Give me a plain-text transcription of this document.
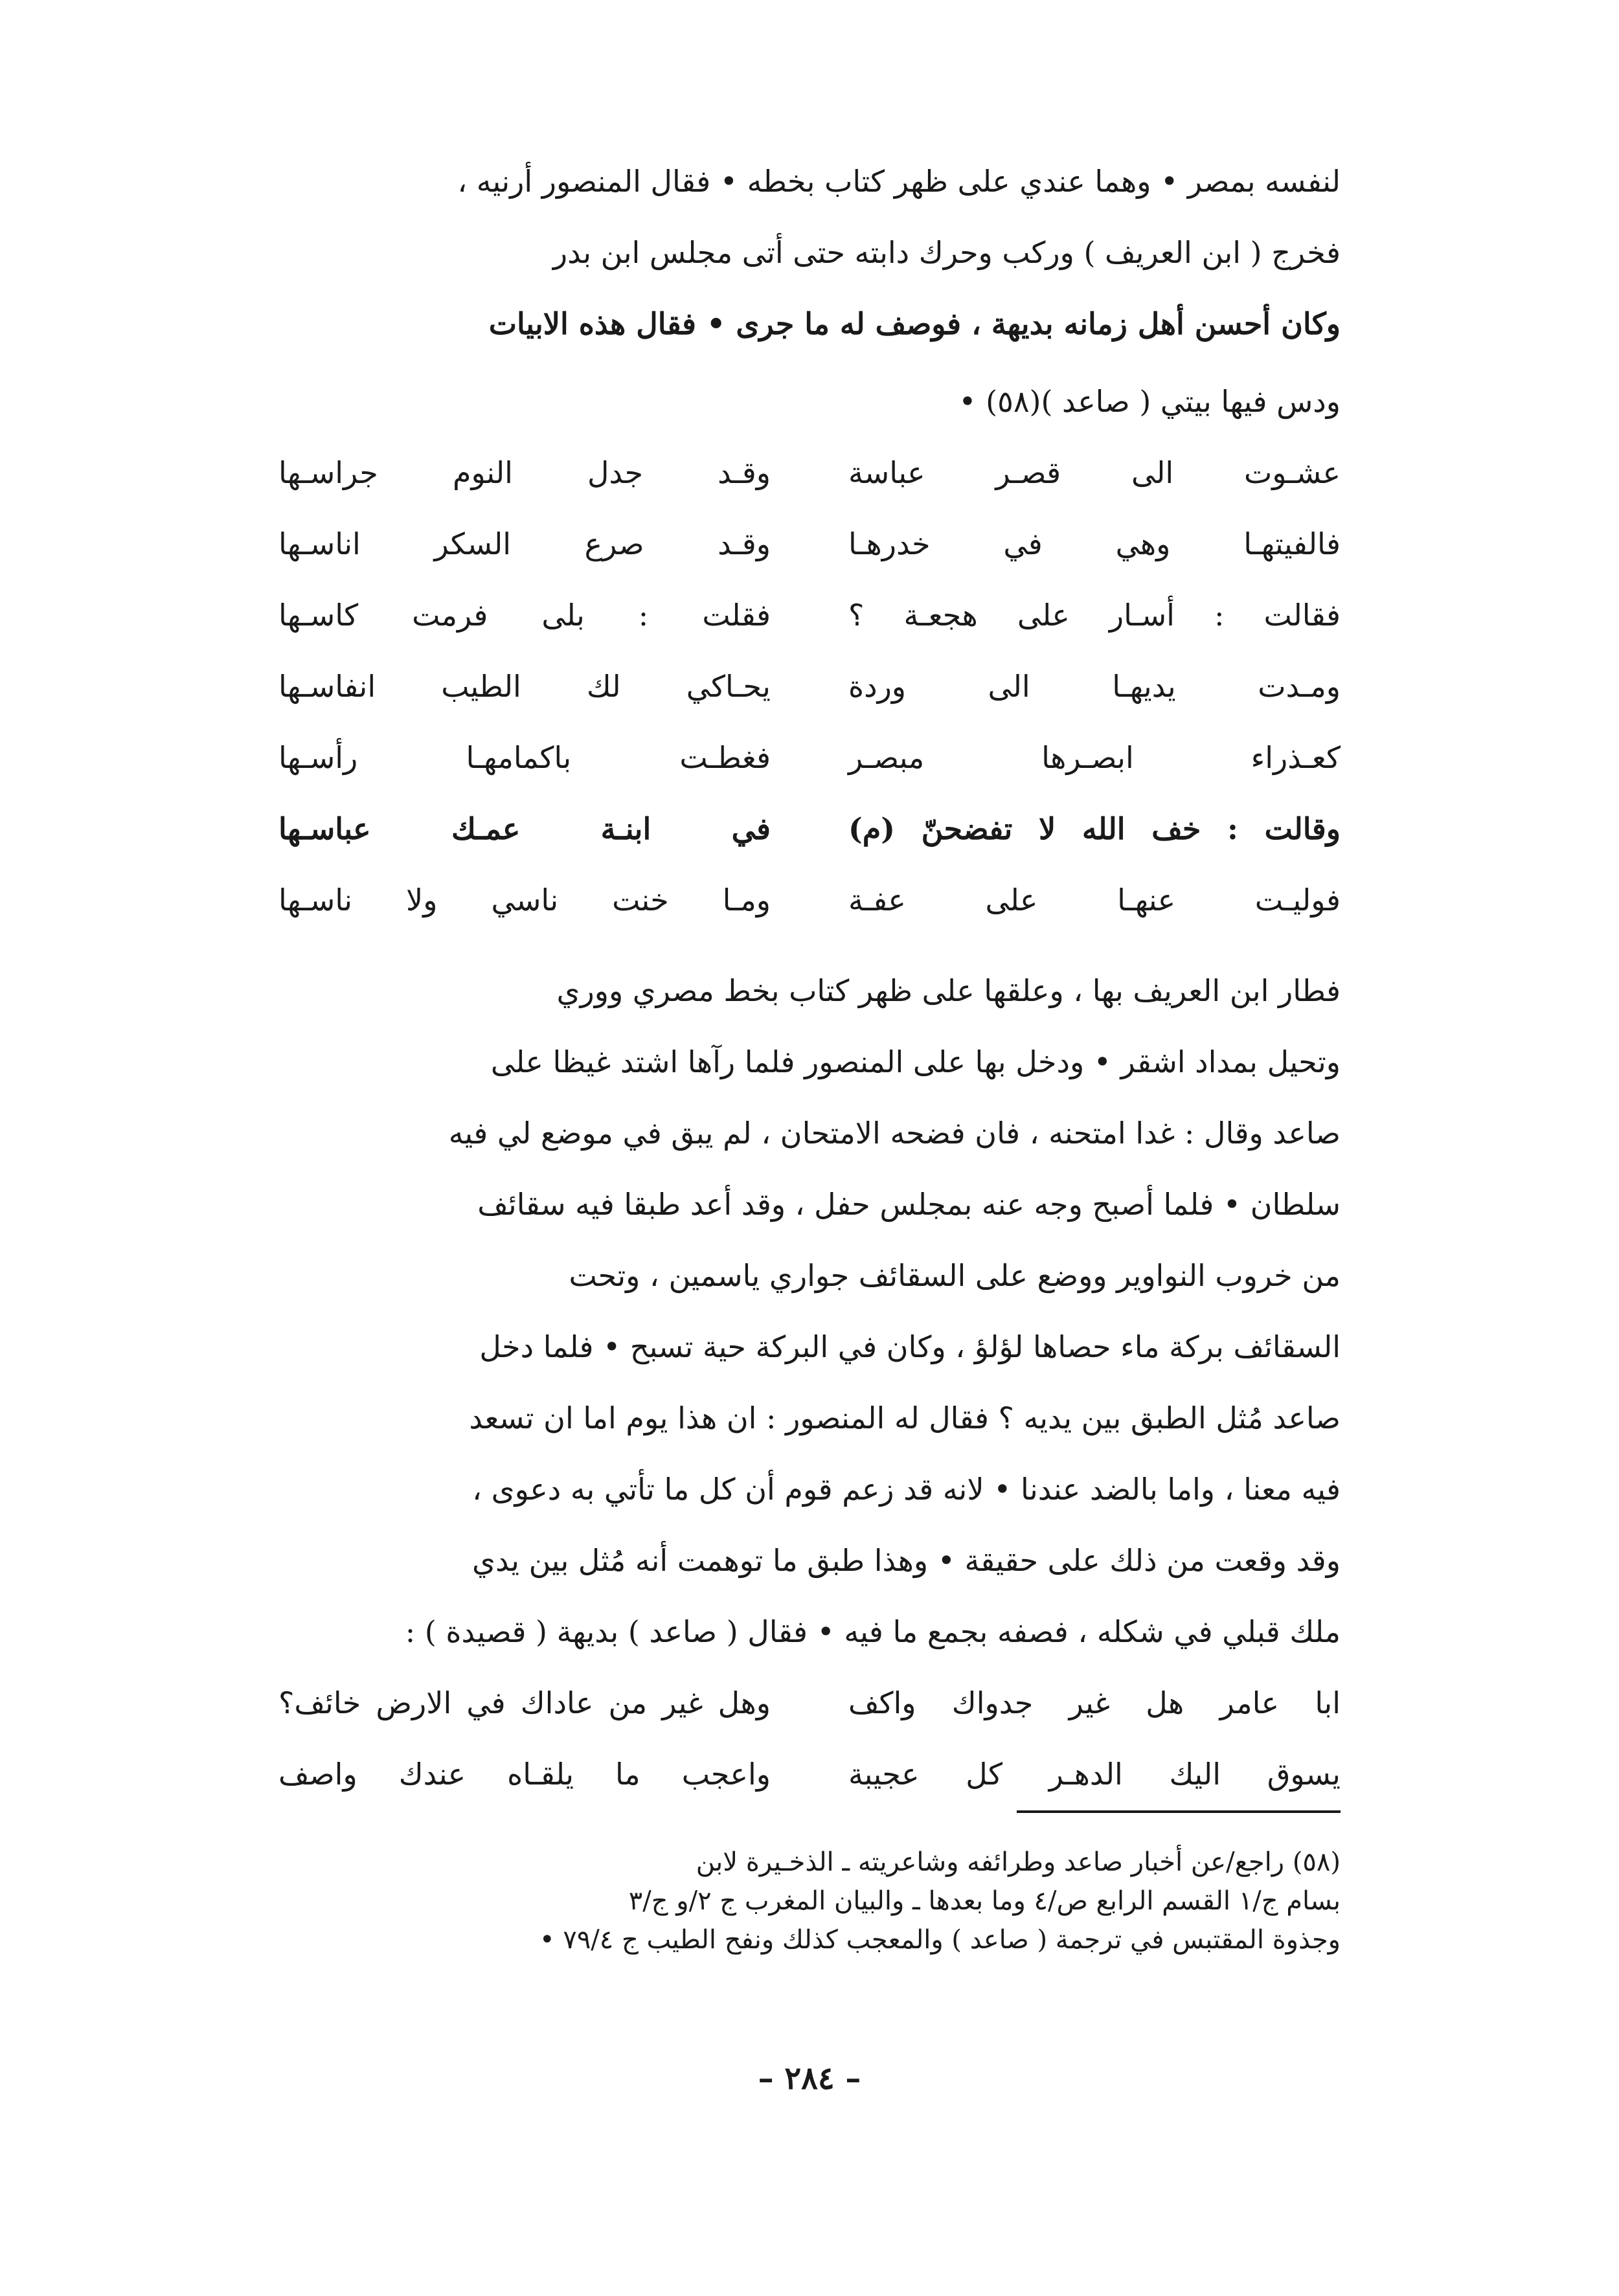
لنفسه بمصر • وهما عندي على ظهر كتاب بخطه • فقال المنصور أرنيه ،
فخرج ( ابن العريف ) وركب وحرك دابته حتى أتى مجلس ابن بدر
وكان أحسن أهل زمانه بديهة ، فوصف له ما جرى • فقال هذه الابيات
ودس فيها بيتي ( صاعد )(٥٨) •
عشـوت الى قصـر عباسة
وقـد جدل النوم جراسـها
فالفيتهـا وهي في خدرهـا
وقـد صرع السكر اناسـها
فقالت : أسـار على هجعـة ؟
فقلت : بلى فرمت كاسـها
ومـدت يديهـا الى وردة
يحـاكي لك الطيب انفاسـها
كعـذراء ابصـرها مبصـر
فغطـت باكمامهـا رأسـها
وقالت : خف الله لا تفضحنّ (م)
في ابنـة عمـك عباسـها
فوليـت عنهـا على عفـة
ومـا خنت ناسي ولا ناسـها
فطار ابن العريف بها ، وعلقها على ظهر كتاب بخط مصري ووري
وتحيل بمداد اشقر • ودخل بها على المنصور فلما رآها اشتد غيظا على
صاعد وقال : غدا امتحنه ، فان فضحه الامتحان ، لم يبق في موضع لي فيه
سلطان • فلما أصبح وجه عنه بمجلس حفل ، وقد أعد طبقا فيه سقائف
من خروب النواوير ووضع على السقائف جواري ياسمين ، وتحت
السقائف بركة ماء حصاها لؤلؤ ، وكان في البركة حية تسبح • فلما دخل
صاعد مُثل الطبق بين يديه ؟ فقال له المنصور : ان هذا يوم اما ان تسعد
فيه معنا ، واما بالضد عندنا • لانه قد زعم قوم أن كل ما تأتي به دعوى ،
وقد وقعت من ذلك على حقيقة • وهذا طبق ما توهمت أنه مُثل بين يدي
ملك قبلي في شكله ، فصفه بجمع ما فيه • فقال ( صاعد ) بديهة ( قصيدة ) :
ابا عامر هل غير جدواك واكف
وهل غير من عاداك في الارض خائف؟
يسوق اليك الدهـر كل عجيبة
واعجب ما يلقـاه عندك واصف
(٥٨) راجع/عن أخبار صاعد وطرائفه وشاعريته ـ الذخـيرة لابن
بسام ج/١ القسم الرابع ص/٤ وما بعدها ـ والبيان المغرب ج ٢/و ج/٣
وجذوة المقتبس في ترجمة ( صاعد ) والمعجب كذلك ونفح الطيب ج ٧٩/٤ •
– ٢٨٤ –
